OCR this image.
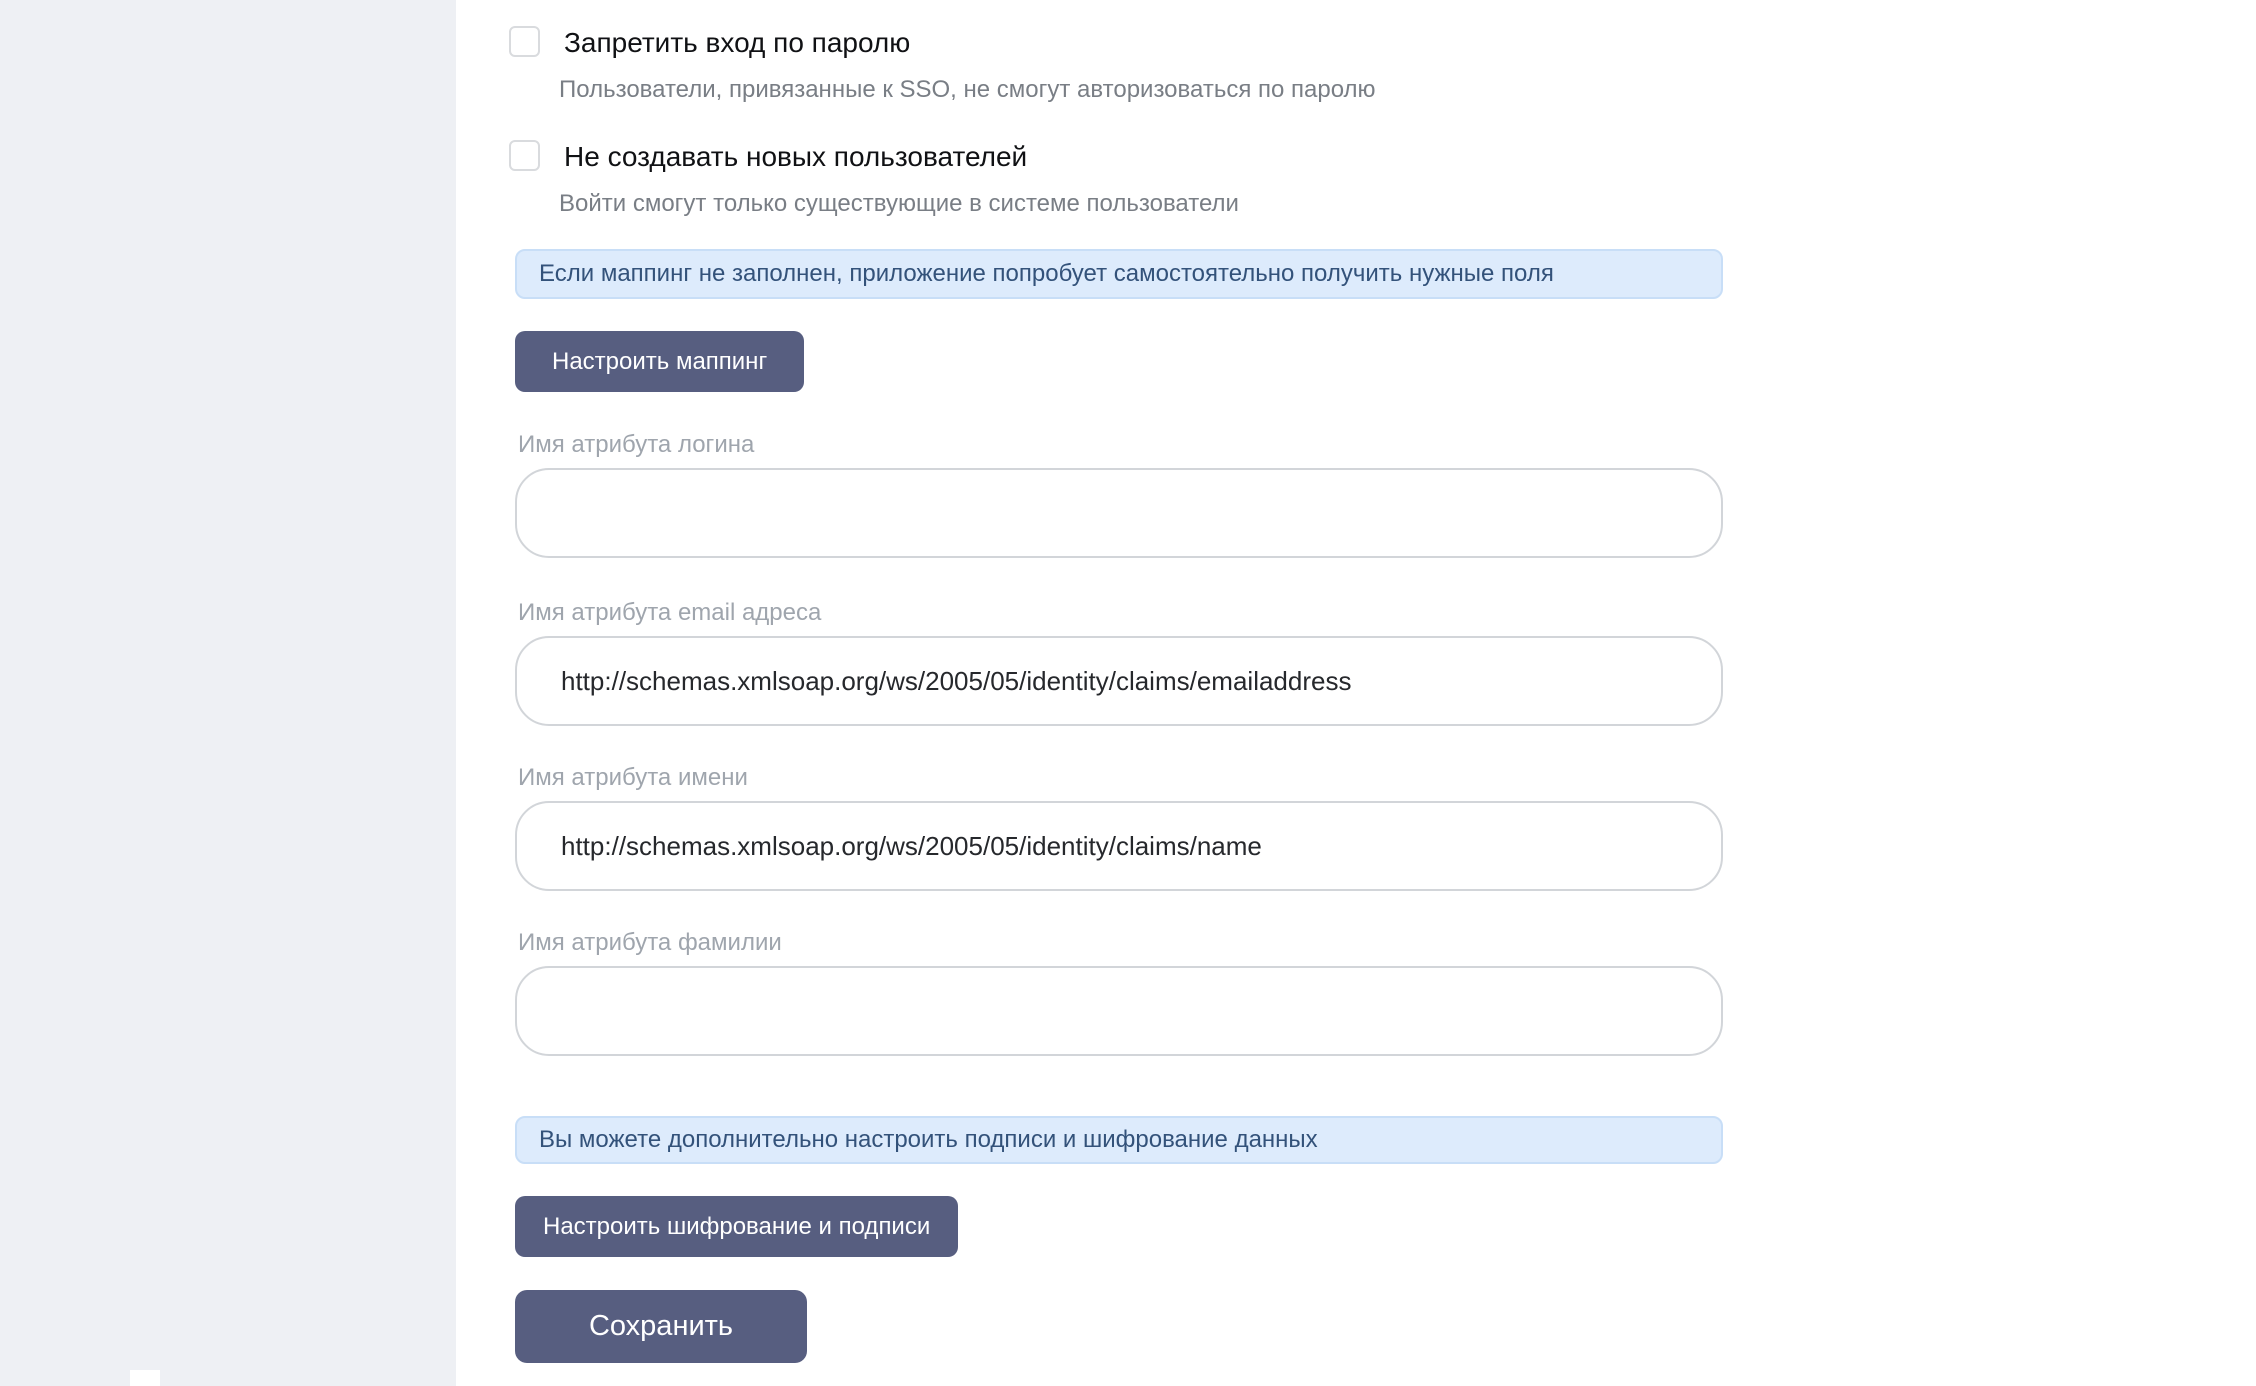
Запретить вход по паролю
Пользователи, привязанные к SSO, не смогут авторизоваться по паролю
Не создавать новых пользователей
Войти смогут только существующие в системе пользователи
Если маппинг не заполнен, приложение попробует самостоятельно получить нужные поля
Настроить маппинг
Имя атрибута логина
Имя атрибута email адреса
http://schemas.xmlsoap.org/ws/2005/05/identity/claims/emailaddress
Имя атрибута имени
http://schemas.xmlsoap.org/ws/2005/05/identity/claims/name
Имя атрибута фамилии
Вы можете дополнительно настроить подписи и шифрование данных
Настроить шифрование и подписи
Сохранить
